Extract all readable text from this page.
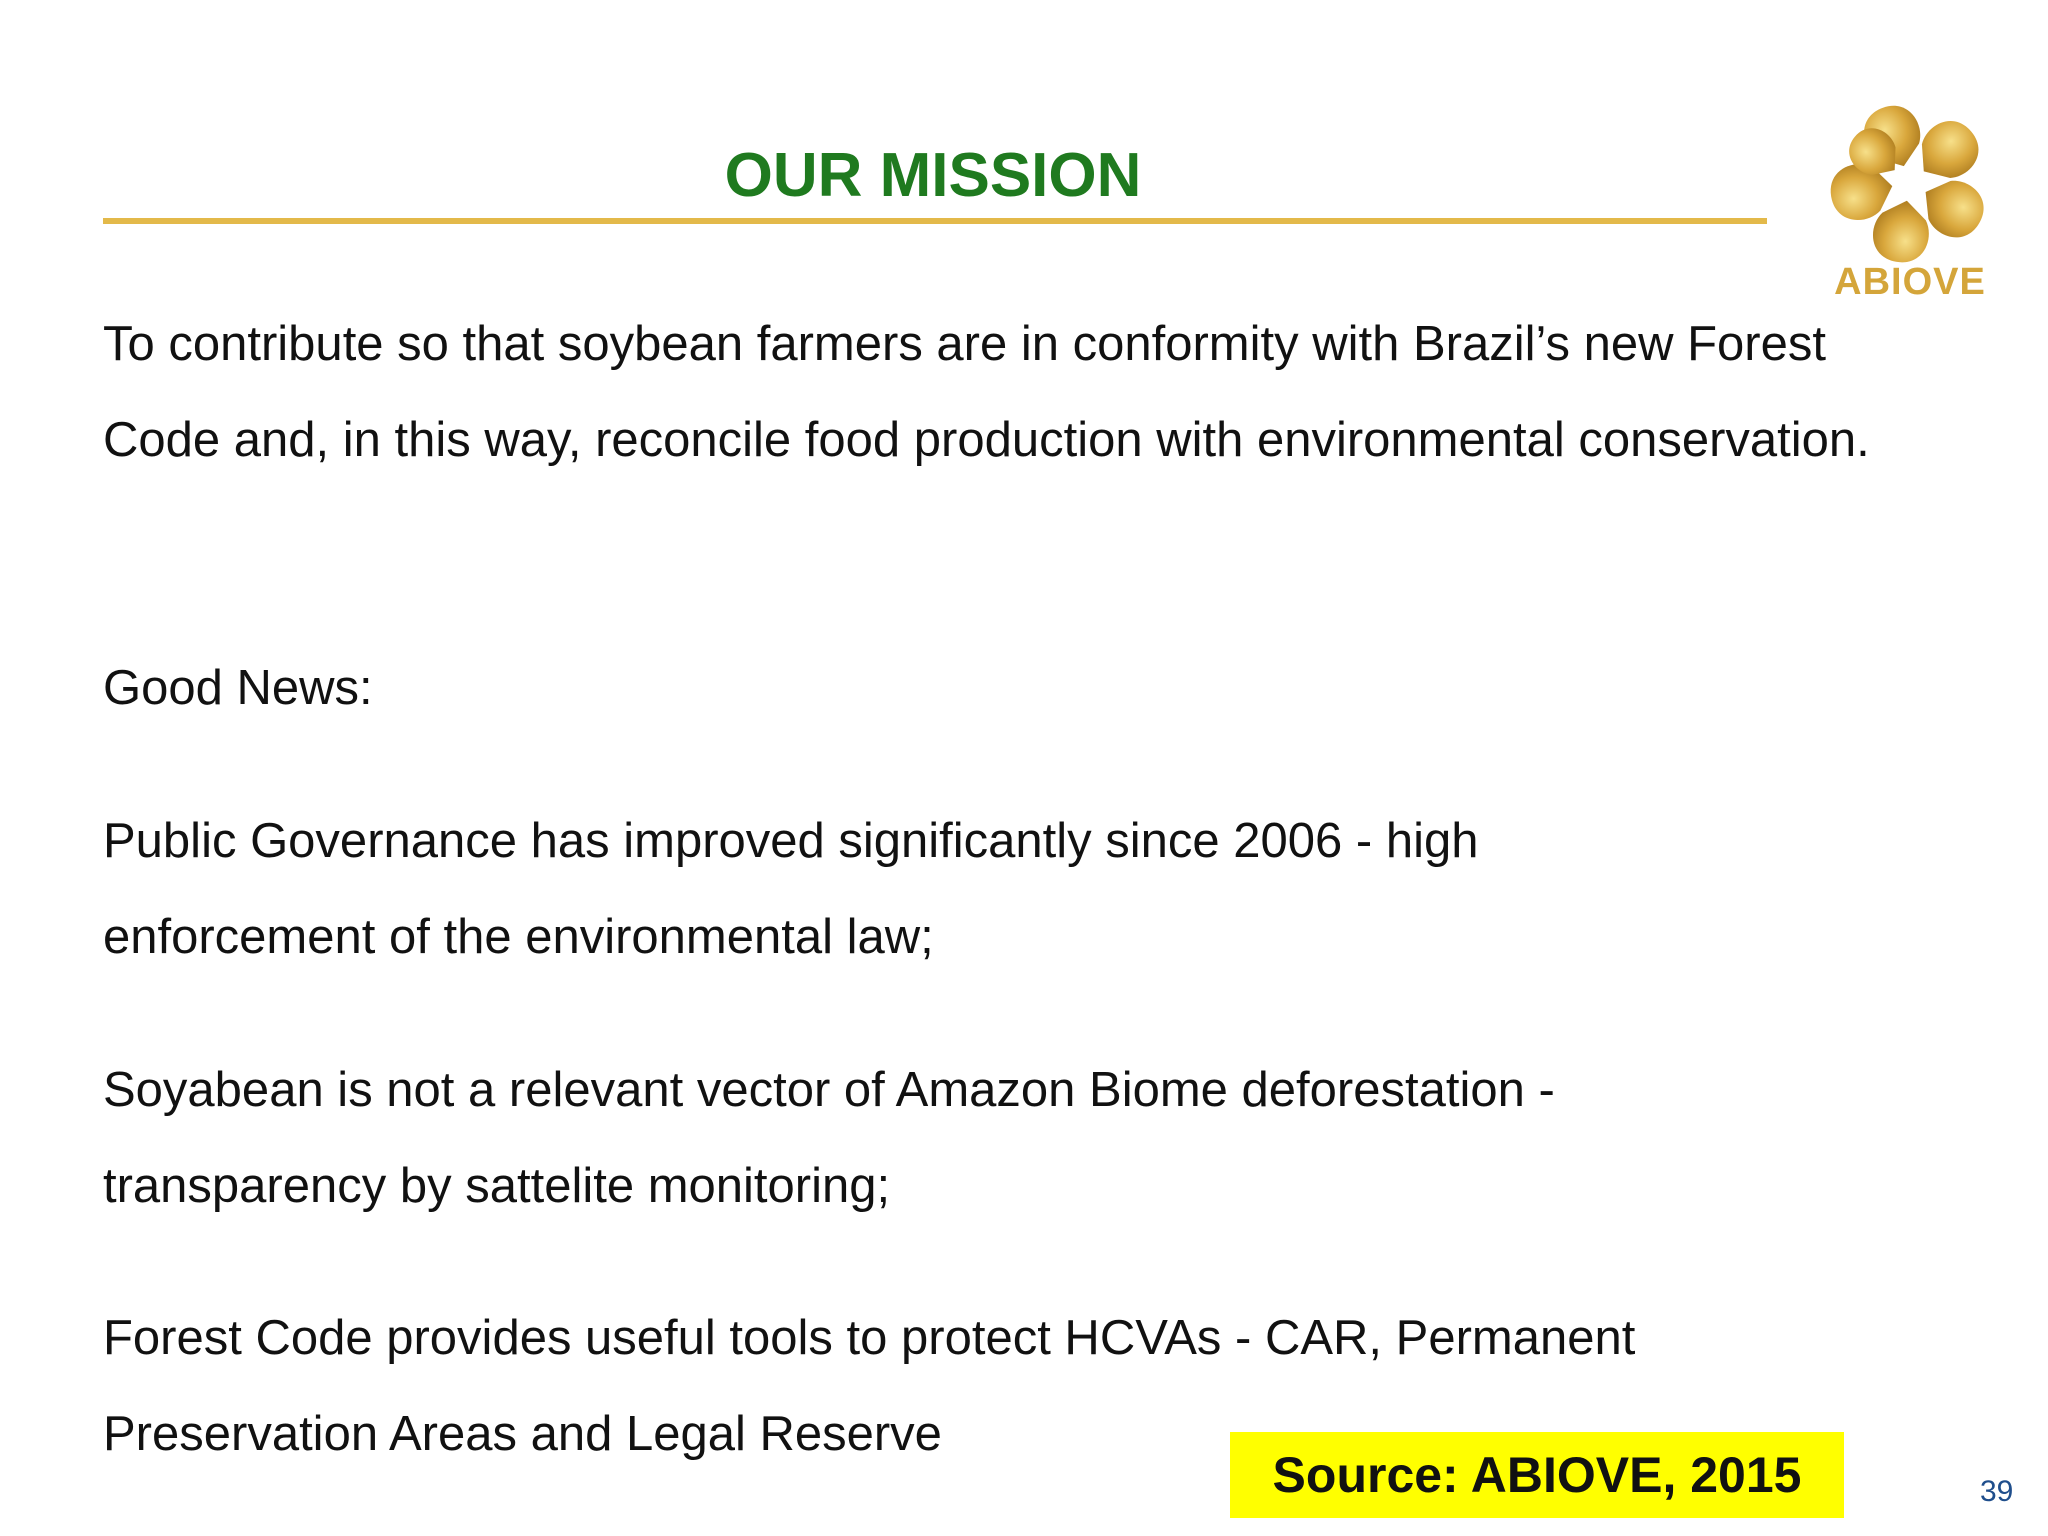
OUR MISSION
ABIOVE

To contribute so that soybean farmers are in conformity with Brazil’s new Forest Code and, in this way, reconcile food production with environmental conservation.

Good News:

Public Governance has improved significantly since 2006 - high enforcement of the environmental law;

Soyabean is not a relevant vector of Amazon Biome deforestation - transparency by sattelite monitoring;

Forest Code provides useful tools to protect HCVAs - CAR, Permanent Preservation Areas and Legal Reserve

Source: ABIOVE, 2015	39
